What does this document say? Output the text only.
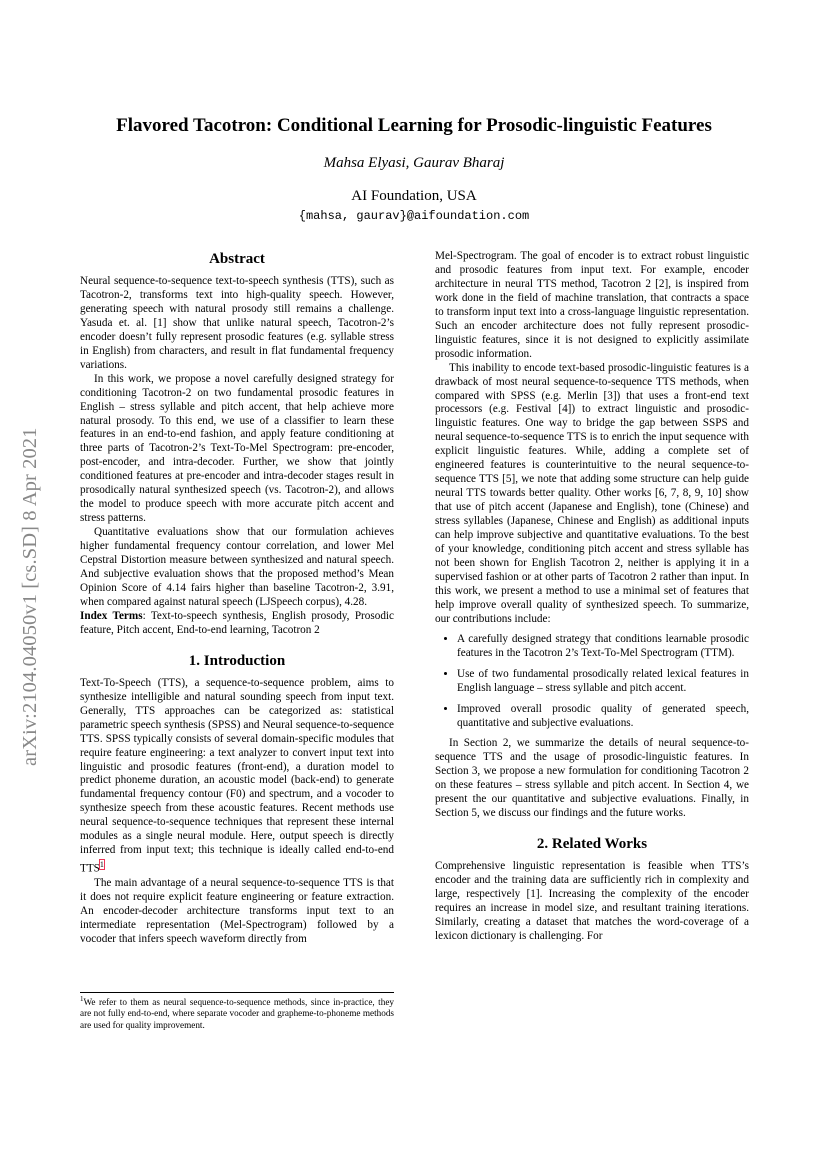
arXiv:2104.04050v1 [cs.SD] 8 Apr 2021
Flavored Tacotron: Conditional Learning for Prosodic-linguistic Features
Mahsa Elyasi, Gaurav Bharaj
AI Foundation, USA
{mahsa, gaurav}@aifoundation.com
Abstract

Neural sequence-to-sequence text-to-speech synthesis (TTS), such as Tacotron-2, transforms text into high-quality speech. However, generating speech with natural prosody still remains a challenge. Yasuda et. al. [1] show that unlike natural speech, Tacotron-2’s encoder doesn’t fully represent prosodic features (e.g. syllable stress in English) from characters, and result in flat fundamental frequency variations.

In this work, we propose a novel carefully designed strategy for conditioning Tacotron-2 on two fundamental prosodic features in English – stress syllable and pitch accent, that help achieve more natural prosody. To this end, we use of a classifier to learn these features in an end-to-end fashion, and apply feature conditioning at three parts of Tacotron-2’s Text-To-Mel Spectrogram: pre-encoder, post-encoder, and intra-decoder. Further, we show that jointly conditioned features at pre-encoder and intra-decoder stages result in prosodically natural synthesized speech (vs. Tacotron-2), and allows the model to produce speech with more accurate pitch accent and stress patterns.

Quantitative evaluations show that our formulation achieves higher fundamental frequency contour correlation, and lower Mel Cepstral Distortion measure between synthesized and natural speech. And subjective evaluation shows that the proposed method’s Mean Opinion Score of 4.14 fairs higher than baseline Tacotron-2, 3.91, when compared against natural speech (LJSpeech corpus), 4.28.

Index Terms: Text-to-speech synthesis, English prosody, Prosodic feature, Pitch accent, End-to-end learning, Tacotron 2

1. Introduction

Text-To-Speech (TTS), a sequence-to-sequence problem, aims to synthesize intelligible and natural sounding speech from input text. Generally, TTS approaches can be categorized as: statistical parametric speech synthesis (SPSS) and Neural sequence-to-sequence TTS. SPSS typically consists of several domain-specific modules that require feature engineering: a text analyzer to convert input text into linguistic and prosodic features (front-end), a duration model to predict phoneme duration, an acoustic model (back-end) to generate fundamental frequency contour (F0) and spectrum, and a vocoder to synthesize speech from these acoustic features. Recent methods use neural sequence-to-sequence techniques that represent these internal modules as a single neural module. Here, output speech is directly inferred from input text; this technique is ideally called end-to-end TTS$^1$

The main advantage of a neural sequence-to-sequence TTS is that it does not require explicit feature engineering or feature extraction. An encoder-decoder architecture transforms input text to an intermediate representation (Mel-Spectrogram) followed by a vocoder that infers speech waveform directly from

$^1$We refer to them as neural sequence-to-sequence methods, since in-practice, they are not fully end-to-end, where separate vocoder and grapheme-to-phoneme methods are used for quality improvement.

Mel-Spectrogram. The goal of encoder is to extract robust linguistic and prosodic features from input text. For example, encoder architecture in neural TTS method, Tacotron 2 [2], is inspired from work done in the field of machine translation, that contracts a space to transform input text into a cross-language linguistic representation. Such an encoder architecture does not fully represent prosodic-linguistic features, since it is not designed to explicitly assimilate prosodic information.

This inability to encode text-based prosodic-linguistic features is a drawback of most neural sequence-to-sequence TTS methods, when compared with SPSS (e.g. Merlin [3]) that uses a front-end text processors (e.g. Festival [4]) to extract linguistic and prosodic-linguistic features. One way to bridge the gap between SSPS and neural sequence-to-sequence TTS is to enrich the input sequence with explicit linguistic features. While, adding a complete set of engineered features is counterintuitive to the neural sequence-to-sequence TTS [5], we note that adding some structure can help guide neural TTS towards better quality. Other works [6, 7, 8, 9, 10] show that use of pitch accent (Japanese and English), tone (Chinese) and stress syllables (Japanese, Chinese and English) as additional inputs can help improve subjective and quantitative evaluations. To the best of your knowledge, conditioning pitch accent and stress syllable has not been shown for English Tacotron 2, neither is applying it in a supervised fashion or at other parts of Tacotron 2 rather than input. In this work, we present a method to use a minimal set of features that help improve overall quality of synthesized speech. To summarize, our contributions include:

• A carefully designed strategy that conditions learnable prosodic features in the Tacotron 2’s Text-To-Mel Spectrogram (TTM).
• Use of two fundamental prosodically related lexical features in English language – stress syllable and pitch accent.
• Improved overall prosodic quality of generated speech, quantitative and subjective evaluations.

In Section 2, we summarize the details of neural sequence-to-sequence TTS and the usage of prosodic-linguistic features. In Section 3, we propose a new formulation for conditioning Tacotron 2 on these features – stress syllable and pitch accent. In Section 4, we present the our quantitative and subjective evaluations. Finally, in Section 5, we discuss our findings and the future works.

2. Related Works

Comprehensive linguistic representation is feasible when TTS’s encoder and the training data are sufficiently rich in complexity and large, respectively [1]. Increasing the complexity of the encoder requires an increase in model size, and resultant training iterations. Similarly, creating a dataset that matches the word-coverage of a lexicon dictionary is challenging. For
